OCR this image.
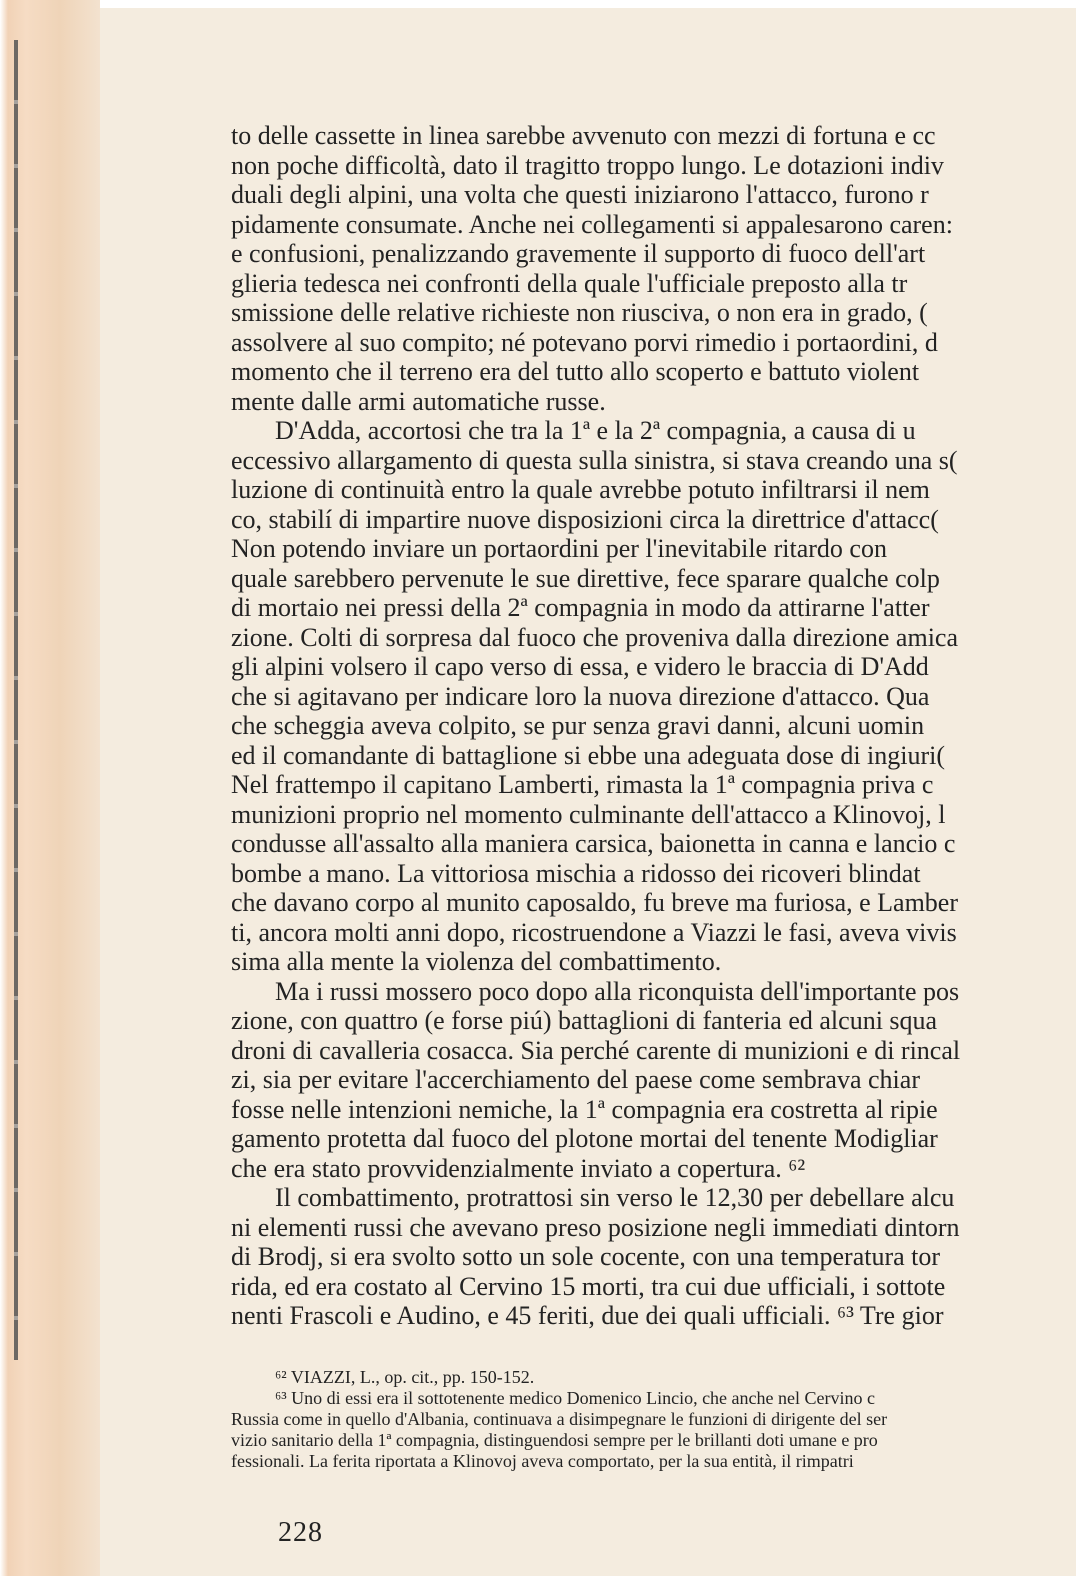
to delle cassette in linea sarebbe avvenuto con mezzi di fortuna e cc
non poche difficoltà, dato il tragitto troppo lungo. Le dotazioni indiv
duali degli alpini, una volta che questi iniziarono l'attacco, furono r
pidamente consumate. Anche nei collegamenti si appalesarono caren:
e confusioni, penalizzando gravemente il supporto di fuoco dell'art
glieria tedesca nei confronti della quale l'ufficiale preposto alla tr
smissione delle relative richieste non riusciva, o non era in grado, (
assolvere al suo compito; né potevano porvi rimedio i portaordini, d
momento che il terreno era del tutto allo scoperto e battuto violent
mente dalle armi automatiche russe.
D'Adda, accortosi che tra la 1ª e la 2ª compagnia, a causa di u
eccessivo allargamento di questa sulla sinistra, si stava creando una s(
luzione di continuità entro la quale avrebbe potuto infiltrarsi il nem
co, stabilí di impartire nuove disposizioni circa la direttrice d'attacc(
Non potendo inviare un portaordini per l'inevitabile ritardo con
quale sarebbero pervenute le sue direttive, fece sparare qualche colp
di mortaio nei pressi della 2ª compagnia in modo da attirarne l'atter
zione. Colti di sorpresa dal fuoco che proveniva dalla direzione amica
gli alpini volsero il capo verso di essa, e videro le braccia di D'Add
che si agitavano per indicare loro la nuova direzione d'attacco. Qua
che scheggia aveva colpito, se pur senza gravi danni, alcuni uomin
ed il comandante di battaglione si ebbe una adeguata dose di ingiuri(
Nel frattempo il capitano Lamberti, rimasta la 1ª compagnia priva c
munizioni proprio nel momento culminante dell'attacco a Klinovoj, l
condusse all'assalto alla maniera carsica, baionetta in canna e lancio c
bombe a mano. La vittoriosa mischia a ridosso dei ricoveri blindat
che davano corpo al munito caposaldo, fu breve ma furiosa, e Lamber
ti, ancora molti anni dopo, ricostruendone a Viazzi le fasi, aveva vivis
sima alla mente la violenza del combattimento.
Ma i russi mossero poco dopo alla riconquista dell'importante pos
zione, con quattro (e forse piú) battaglioni di fanteria ed alcuni squa
droni di cavalleria cosacca. Sia perché carente di munizioni e di rincal
zi, sia per evitare l'accerchiamento del paese come sembrava chiar
fosse nelle intenzioni nemiche, la 1ª compagnia era costretta al ripie
gamento protetta dal fuoco del plotone mortai del tenente Modigliar
che era stato provvidenzialmente inviato a copertura. ⁶²
Il combattimento, protrattosi sin verso le 12,30 per debellare alcu
ni elementi russi che avevano preso posizione negli immediati dintorn
di Brodj, si era svolto sotto un sole cocente, con una temperatura tor
rida, ed era costato al Cervino 15 morti, tra cui due ufficiali, i sottote
nenti Frascoli e Audino, e 45 feriti, due dei quali ufficiali. ⁶³ Tre gior
⁶² VIAZZI, L., op. cit., pp. 150-152.
⁶³ Uno di essi era il sottotenente medico Domenico Lincio, che anche nel Cervino c
Russia come in quello d'Albania, continuava a disimpegnare le funzioni di dirigente del ser
vizio sanitario della 1ª compagnia, distinguendosi sempre per le brillanti doti umane e pro
fessionali. La ferita riportata a Klinovoj aveva comportato, per la sua entità, il rimpatri
228
